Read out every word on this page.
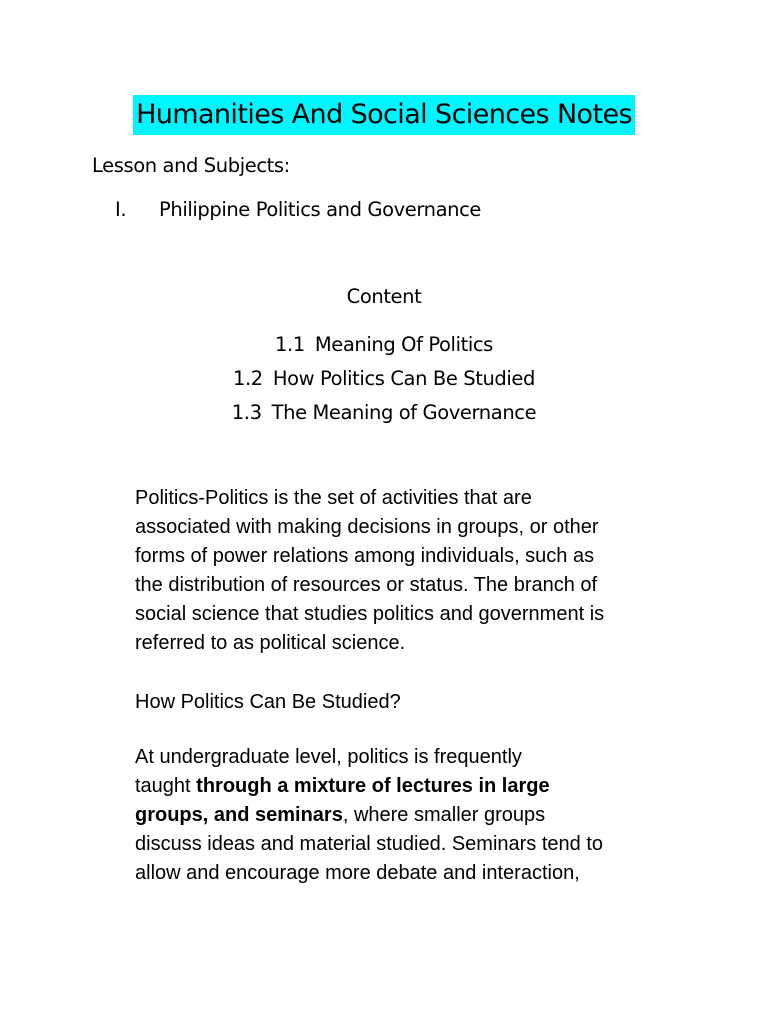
Humanities And Social Sciences Notes
Lesson and Subjects:
I. Philippine Politics and Governance
Content
1.1 Meaning Of Politics
1.2 How Politics Can Be Studied
1.3 The Meaning of Governance
Politics-Politics is the set of activities that are
associated with making decisions in groups, or other
forms of power relations among individuals, such as
the distribution of resources or status. The branch of
social science that studies politics and government is
referred to as political science.
How Politics Can Be Studied?
At undergraduate level, politics is frequently
taught through a mixture of lectures in large
groups, and seminars, where smaller groups
discuss ideas and material studied. Seminars tend to
allow and encourage more debate and interaction,
